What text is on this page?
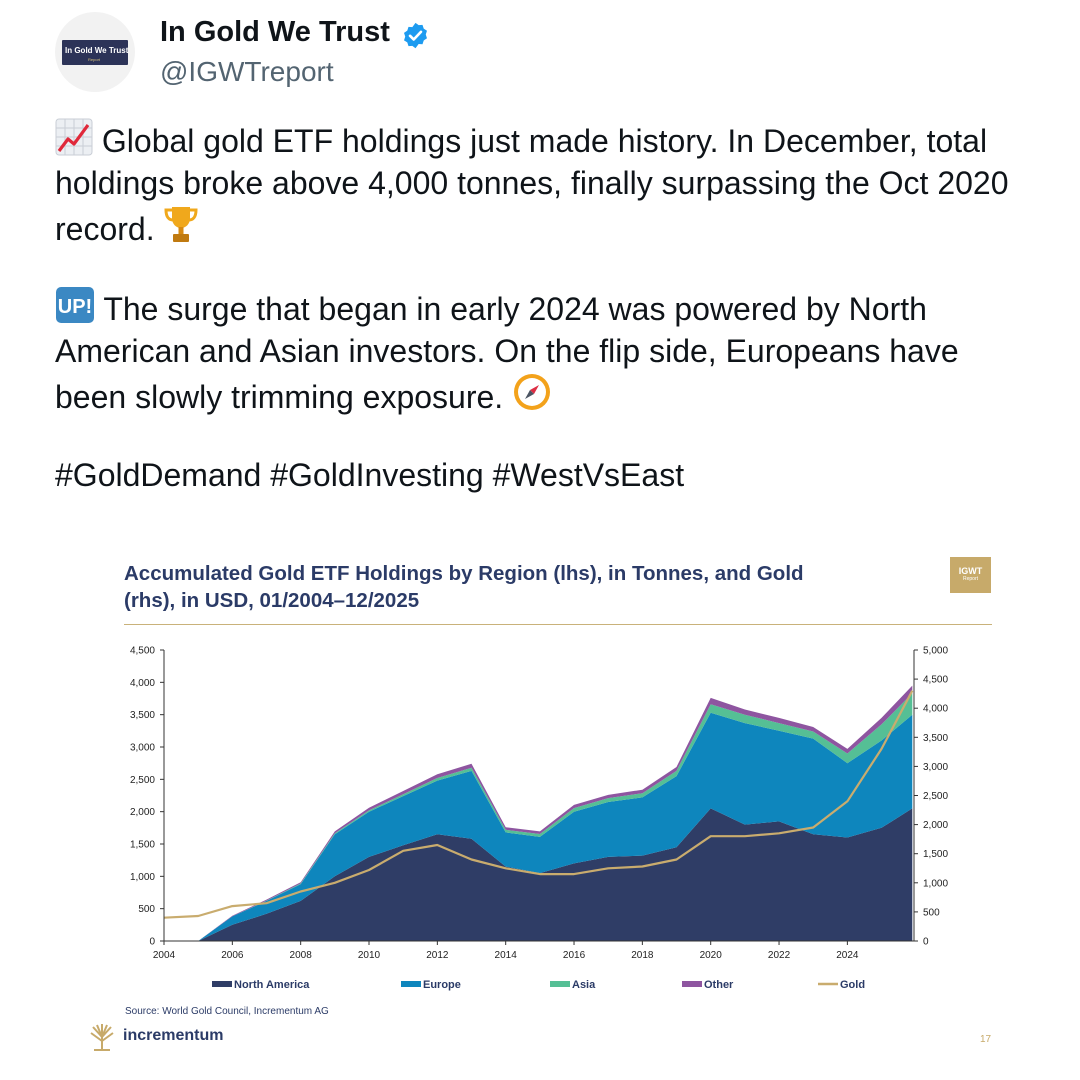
In Gold We Trust
Report
In Gold We Trust
@IGWTreport
Global gold ETF holdings just made history. In December, total holdings broke above 4,000 tonnes, finally surpassing the Oct 2020 record.
UP! The surge that began in early 2024 was powered by North American and Asian investors. On the flip side, Europeans have been slowly trimming exposure.
#GoldDemand #GoldInvesting #WestVsEast
Accumulated Gold ETF Holdings by Region (lhs), in Tonnes, and Gold
(rhs), in USD, 01/2004–12/2025
IGWT
Report
0
500
1,000
1,500
2,000
2,500
3,000
3,500
4,000
4,500
0
500
1,000
1,500
2,000
2,500
3,000
3,500
4,000
4,500
5,000
2004	2006	2008	2010	2012	2014	2016	2018	2020	2022	2024
North America	Europe	Asia	Other	Gold
Source: World Gold Council, Incrementum AG
incrementum	17
